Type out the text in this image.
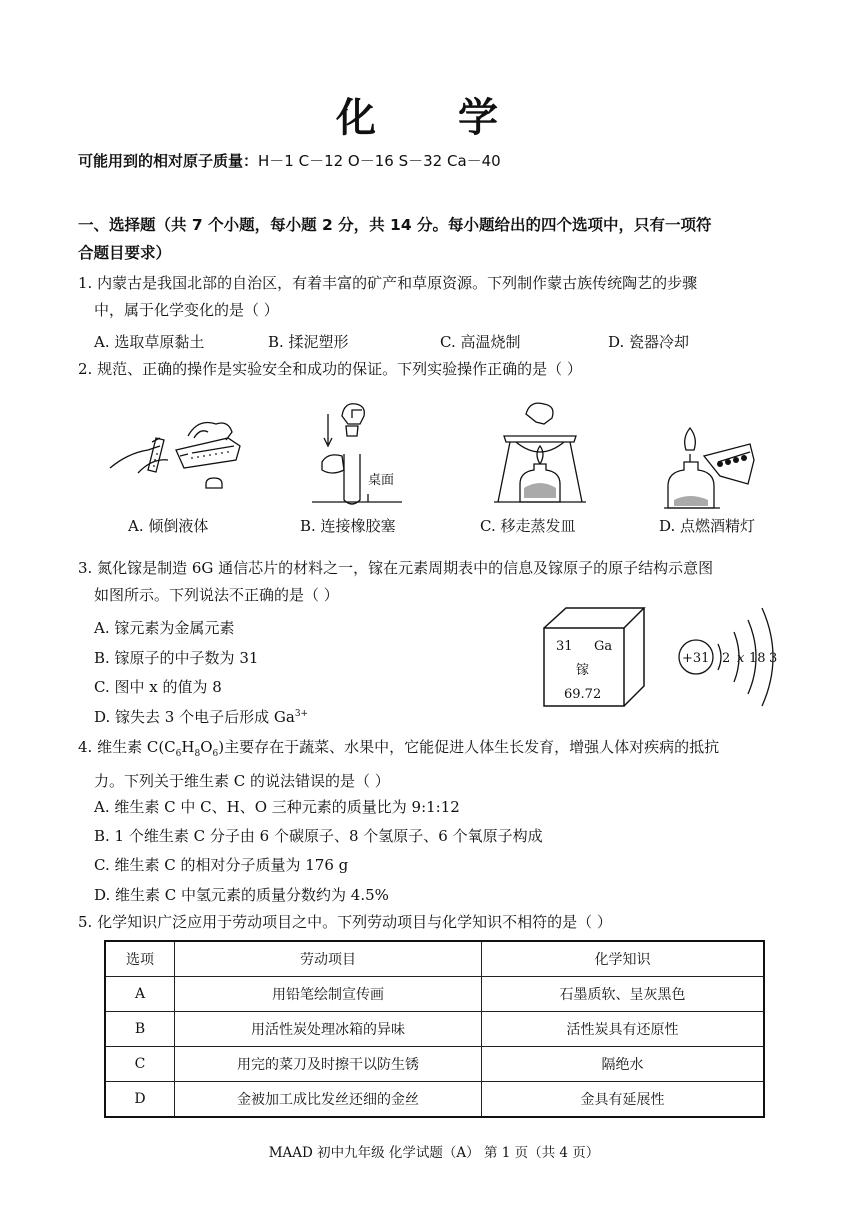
化 学
可能用到的相对原子质量：H－1 C－12 O－16 S－32 Ca－40
一、选择题（共 7 个小题，每小题 2 分，共 14 分。每小题给出的四个选项中，只有一项符
合题目要求）
1. 内蒙古是我国北部的自治区，有着丰富的矿产和草原资源。下列制作蒙古族传统陶艺的步骤
中，属于化学变化的是（ ）
A. 选取草原黏土	B. 揉泥塑形	C. 高温烧制	D. 瓷器冷却
2. 规范、正确的操作是实验安全和成功的保证。下列实验操作正确的是（ ）
A. 倾倒液体
桌面
B. 连接橡胶塞	C. 移走蒸发皿	D. 点燃酒精灯
3. 氮化镓是制造 6G 通信芯片的材料之一，镓在元素周期表中的信息及镓原子的原子结构示意图
如图所示。下列说法不正确的是（ ）
A. 镓元素为金属元素
B. 镓原子的中子数为 31
C. 图中 x 的值为 8
D. 镓失去 3 个电子后形成 $Ga^{3+}$
31 Ga
镓
69.72
+31 2 x 18 3
4. 维生素 $C(C_6H_8O_6)$主要存在于蔬菜、水果中，它能促进人体生长发育，增强人体对疾病的抵抗
力。下列关于维生素 C 的说法错误的是（ ）
A. 维生素 C 中 C、H、O 三种元素的质量比为 9:1:12
B. 1 个维生素 C 分子由 6 个碳原子、8 个氢原子、6 个氧原子构成
C. 维生素 C 的相对分子质量为 176 g
D. 维生素 C 中氢元素的质量分数约为 4.5%
5. 化学知识广泛应用于劳动项目之中。下列劳动项目与化学知识不相符的是（ ）
选项	劳动项目	化学知识
A	用铅笔绘制宣传画	石墨质软、呈灰黑色
B	用活性炭处理冰箱的异味	活性炭具有还原性
C	用完的菜刀及时擦干以防生锈	隔绝水
D	金被加工成比发丝还细的金丝	金具有延展性
MAAD 初中九年级 化学试题（A） 第 1 页（共 4 页）
